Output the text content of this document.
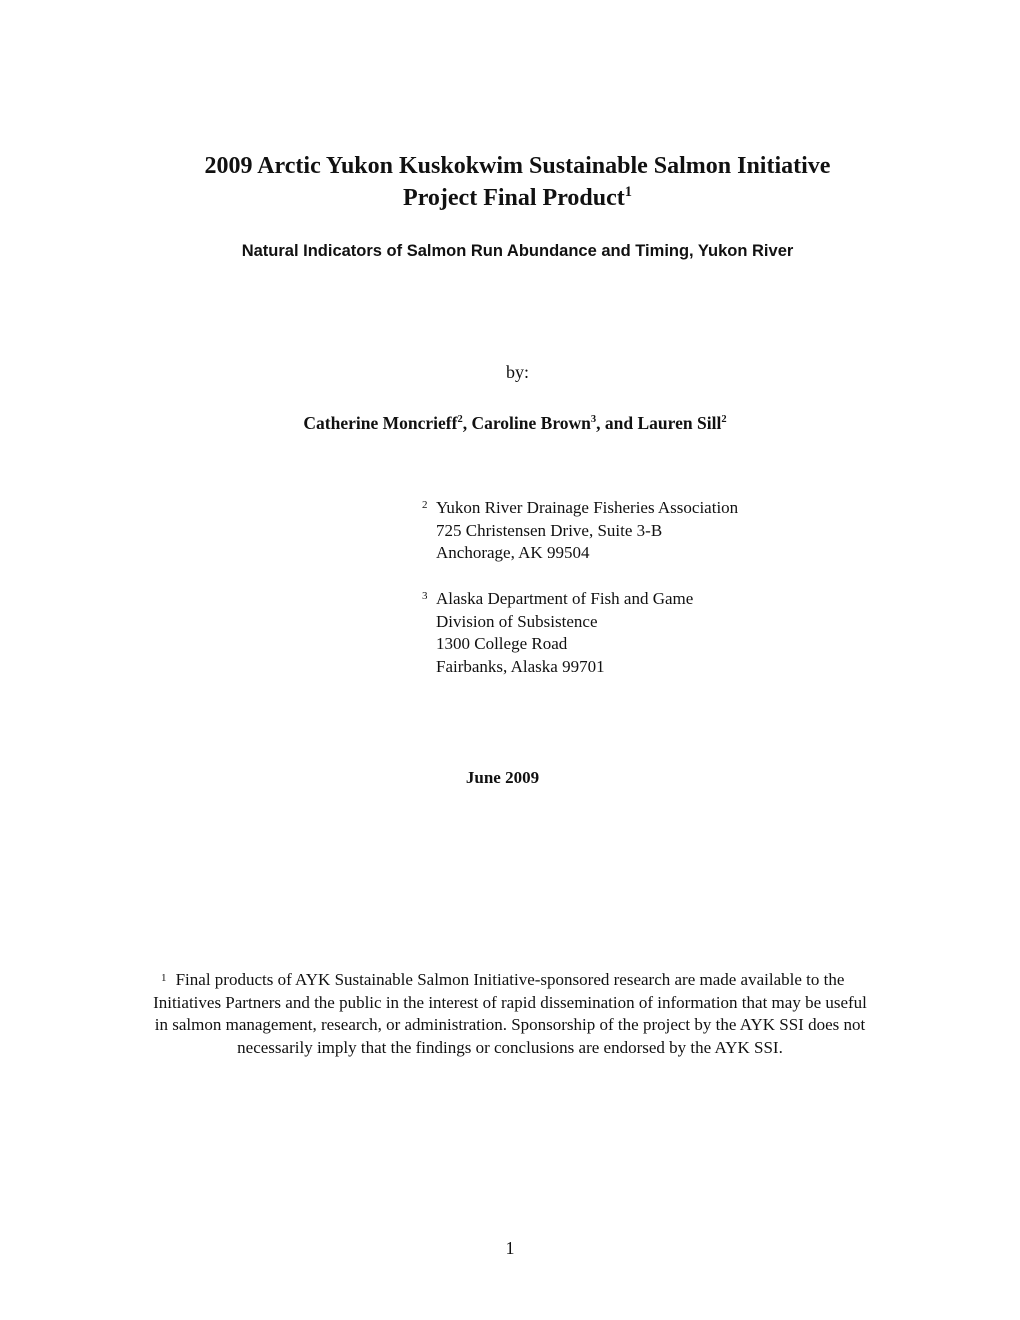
2009 Arctic Yukon Kuskokwim Sustainable Salmon Initiative
Project Final Product$^1$
Natural Indicators of Salmon Run Abundance and Timing, Yukon River
by:
Catherine Moncrieff$^2$, Caroline Brown$^3$, and Lauren Sill$^2$
2 Yukon River Drainage Fisheries Association
725 Christensen Drive, Suite 3-B
Anchorage, AK 99504
3 Alaska Department of Fish and Game
Division of Subsistence
1300 College Road
Fairbanks, Alaska 99701
June 2009
1 Final products of AYK Sustainable Salmon Initiative-sponsored research are made available to the Initiatives Partners and the public in the interest of rapid dissemination of information that may be useful in salmon management, research, or administration. Sponsorship of the project by the AYK SSI does not necessarily imply that the findings or conclusions are endorsed by the AYK SSI.
1
